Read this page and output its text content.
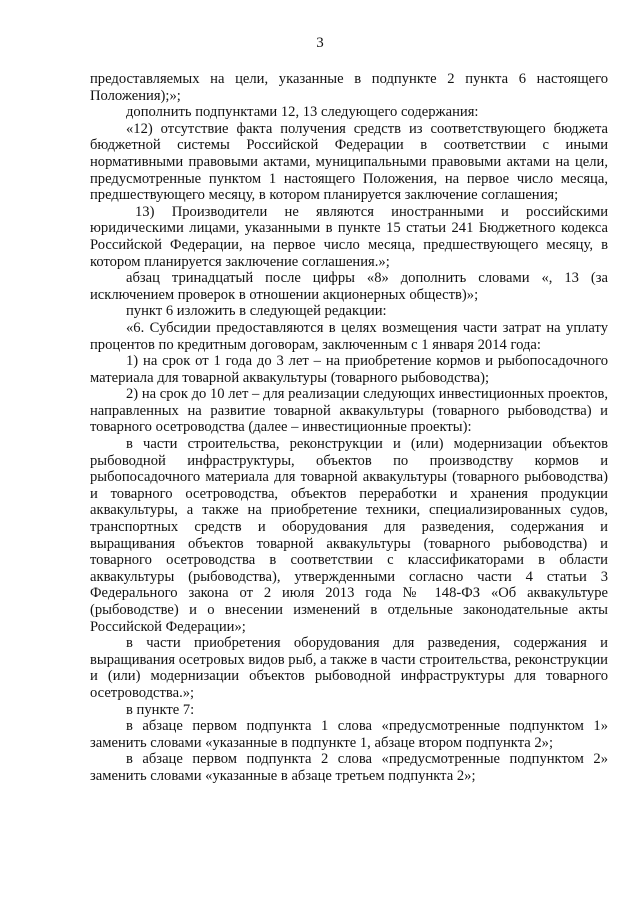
3

предоставляемых на цели, указанные в подпункте 2 пункта 6 настоящего Положения);»;

дополнить подпунктами 12, 13 следующего содержания:

«12) отсутствие факта получения средств из соответствующего бюджета бюджетной системы Российской Федерации в соответствии с иными нормативными правовыми актами, муниципальными правовыми актами на цели, предусмотренные пунктом 1 настоящего Положения, на первое число месяца, предшествующего месяцу, в котором планируется заключение соглашения;

13) Производители не являются иностранными и российскими юридическими лицами, указанными в пункте 15 статьи 241 Бюджетного кодекса Российской Федерации, на первое число месяца, предшествующего месяцу, в котором планируется заключение соглашения.»;

абзац тринадцатый после цифры «8» дополнить словами «, 13 (за исключением проверок в отношении акционерных обществ)»;

пункт 6 изложить в следующей редакции:

«6. Субсидии предоставляются в целях возмещения части затрат на уплату процентов по кредитным договорам, заключенным с 1 января 2014 года:

1) на срок от 1 года до 3 лет – на приобретение кормов и рыбопосадочного материала для товарной аквакультуры (товарного рыбоводства);

2) на срок до 10 лет – для реализации следующих инвестиционных проектов, направленных на развитие товарной аквакультуры (товарного рыбоводства) и товарного осетроводства (далее – инвестиционные проекты):

в части строительства, реконструкции и (или) модернизации объектов рыбоводной инфраструктуры, объектов по производству кормов и рыбопосадочного материала для товарной аквакультуры (товарного рыбоводства) и товарного осетроводства, объектов переработки и хранения продукции аквакультуры, а также на приобретение техники, специализированных судов, транспортных средств и оборудования для разведения, содержания и выращивания объектов товарной аквакультуры (товарного рыбоводства) и товарного осетроводства в соответствии с классификаторами в области аквакультуры (рыбоводства), утвержденными согласно части 4 статьи 3 Федерального закона от 2 июля 2013 года № 148-ФЗ «Об аквакультуре (рыбоводстве) и о внесении изменений в отдельные законодательные акты Российской Федерации»;

в части приобретения оборудования для разведения, содержания и выращивания осетровых видов рыб, а также в части строительства, реконструкции и (или) модернизации объектов рыбоводной инфраструктуры для товарного осетроводства.»;

в пункте 7:

в абзаце первом подпункта 1 слова «предусмотренные подпунктом 1» заменить словами «указанные в подпункте 1, абзаце втором подпункта 2»;

в абзаце первом подпункта 2 слова «предусмотренные подпунктом 2» заменить словами «указанные в абзаце третьем подпункта 2»;
